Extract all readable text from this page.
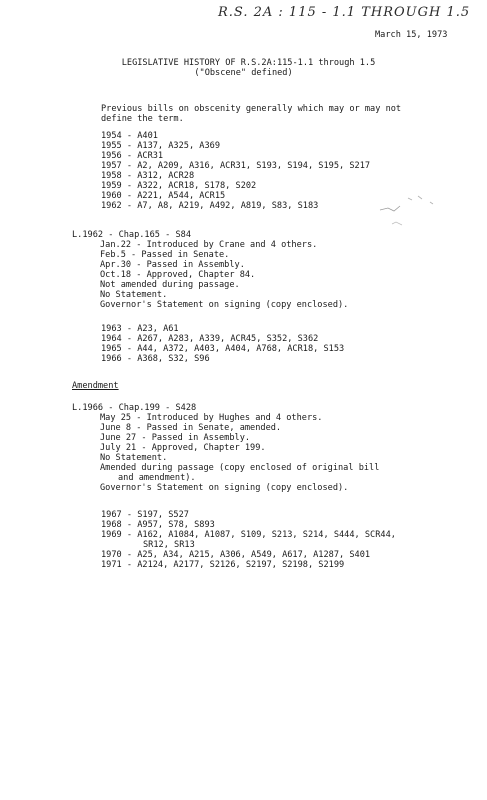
R.S. 2A : 115 - 1.1 THROUGH 1.5
March 15, 1973
LEGISLATIVE HISTORY OF R.S.2A:115-1.1 through 1.5
("Obscene" defined)
Previous bills on obscenity generally which may or may not
define the term.
1954 - A401
1955 - A137, A325, A369
1956 - ACR31
1957 - A2, A209, A316, ACR31, S193, S194, S195, S217
1958 - A312, ACR28
1959 - A322, ACR18, S178, S202
1960 - A221, A544, ACR15
1962 - A7, A8, A219, A492, A819, S83, S183
L.1962 - Chap.165 - S84
Jan.22 - Introduced by Crane and 4 others.
Feb.5 - Passed in Senate.
Apr.30 - Passed in Assembly.
Oct.18 - Approved, Chapter 84.
Not amended during passage.
No Statement.
Governor's Statement on signing (copy enclosed).
1963 - A23, A61
1964 - A267, A283, A339, ACR45, S352, S362
1965 - A44, A372, A403, A404, A768, ACR18, S153
1966 - A368, S32, S96
Amendment
L.1966 - Chap.199 - S428
May 25 - Introduced by Hughes and 4 others.
June 8 - Passed in Senate, amended.
June 27 - Passed in Assembly.
July 21 - Approved, Chapter 199.
No Statement.
Amended during passage (copy enclosed of original bill
and amendment).
Governor's Statement on signing (copy enclosed).
1967 - S197, S527
1968 - A957, S78, S893
1969 - A162, A1084, A1087, S109, S213, S214, S444, SCR44,
SR12, SR13
1970 - A25, A34, A215, A306, A549, A617, A1287, S401
1971 - A2124, A2177, S2126, S2197, S2198, S2199
